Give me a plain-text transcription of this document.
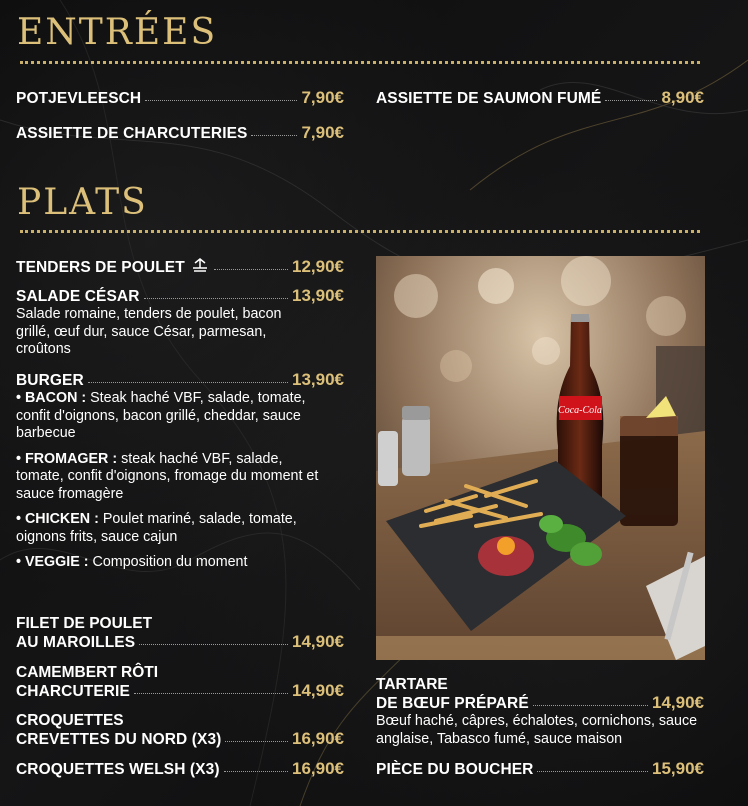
ENTRÉES
POTJEVLEESCH	7,90€
ASSIETTE DE CHARCUTERIES	7,90€
ASSIETTE DE SAUMON FUMÉ	8,90€
PLATS
TENDERS DE POULET	12,90€
SALADE CÉSAR	13,90€
Salade romaine, tenders de poulet, bacon grillé, œuf dur, sauce César, parmesan, croûtons
BURGER	13,90€
• BACON : Steak haché VBF, salade, tomate, confit d'oignons, bacon grillé, cheddar, sauce barbecue
• FROMAGER : steak haché VBF, salade, tomate, confit d'oignons, fromage du moment et sauce fromagère
• CHICKEN : Poulet mariné, salade, tomate, oignons frits, sauce cajun
• VEGGIE : Composition du moment
FILET DE POULET
AU MAROILLES	14,90€
CAMEMBERT RÔTI
CHARCUTERIE	14,90€
CROQUETTES
CREVETTES DU NORD (X3)	16,90€
CROQUETTES WELSH (X3)	16,90€
Coca-Cola
TARTARE
DE BŒUF PRÉPARÉ	14,90€
Bœuf haché, câpres, échalotes, cornichons, sauce anglaise, Tabasco fumé, sauce maison
PIÈCE DU BOUCHER	15,90€
